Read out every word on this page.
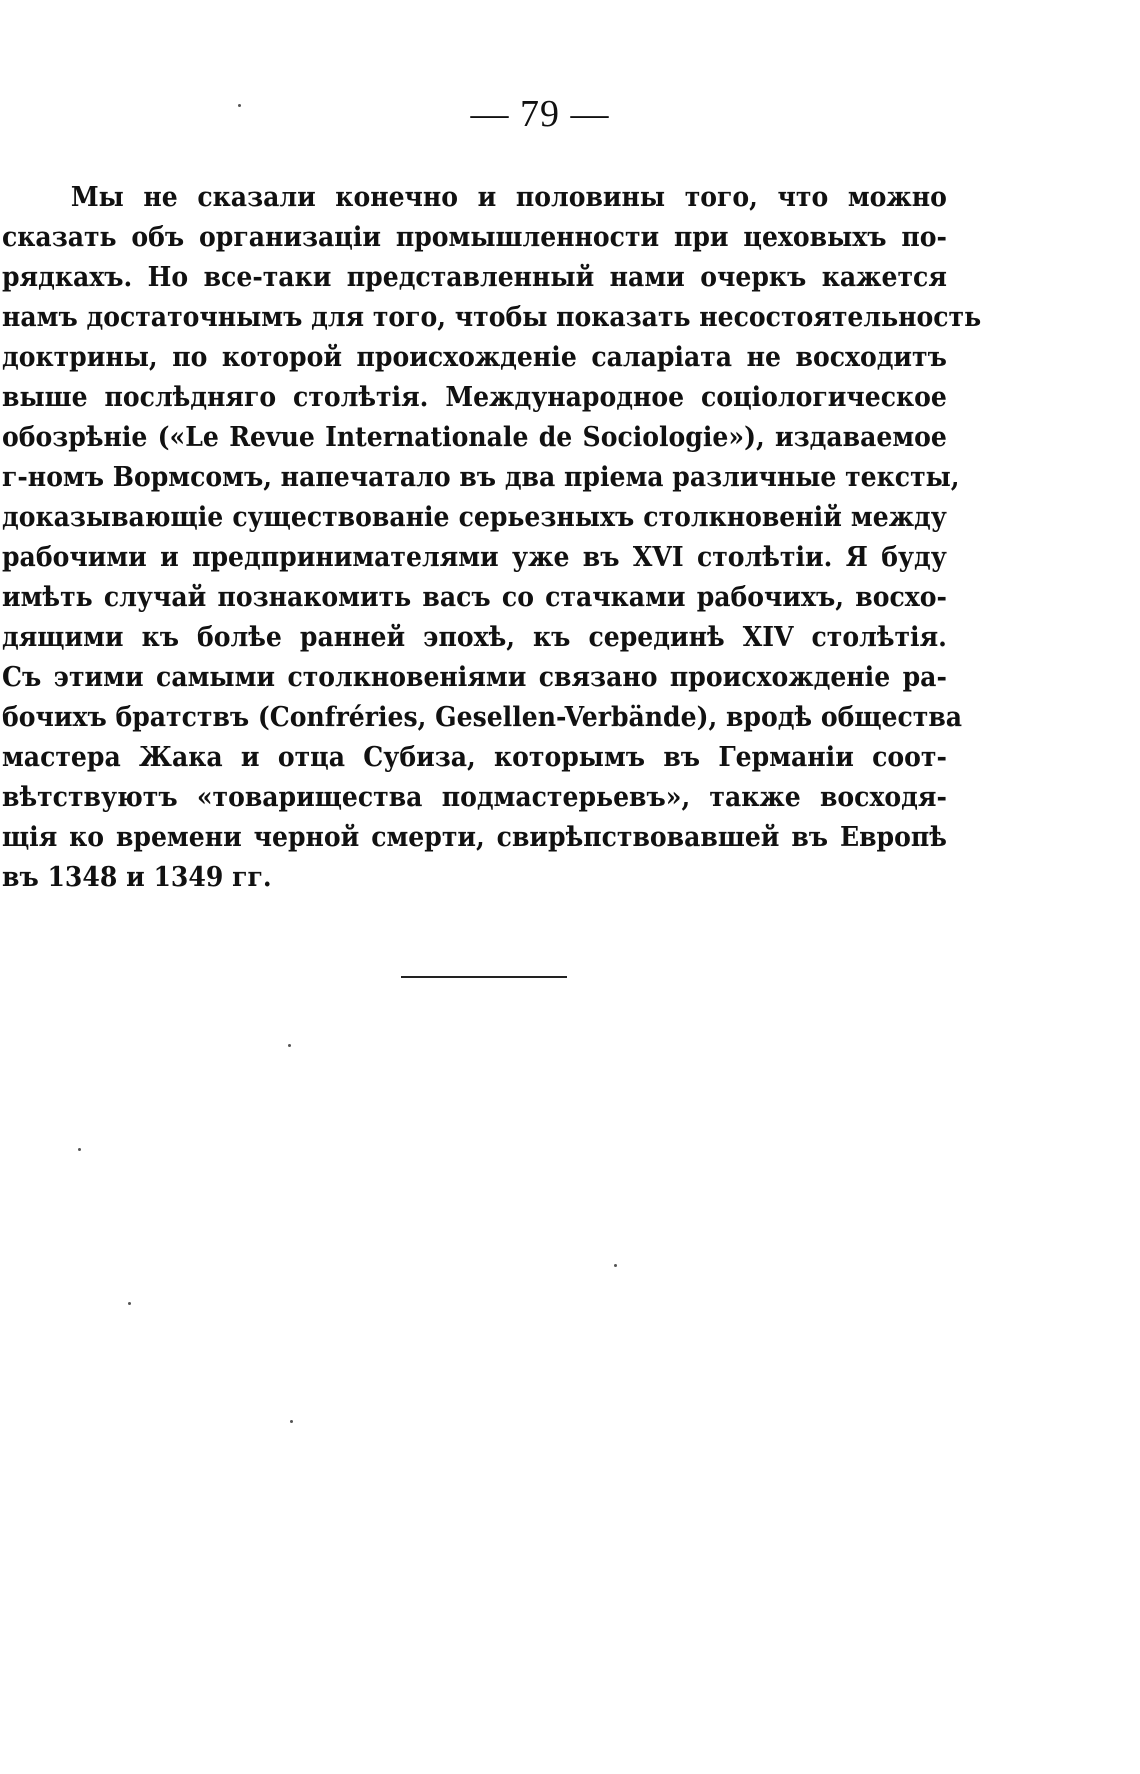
— 79 —
Мы не сказали конечно и половины того, что можно
сказать объ организаціи промышленности при цеховыхъ по-
рядкахъ. Но все-таки представленный нами очеркъ кажется
намъ достаточнымъ для того, чтобы показать несостоятельность
доктрины, по которой происхожденіе саларіата не восходитъ
выше послѣдняго столѣтія. Международное соціологическое
обозрѣніе («Le Revue Internationale de Sociologie»), издаваемое
г-номъ Вормсомъ, напечатало въ два пріема различные тексты,
доказывающіе существованіе серьезныхъ столкновеній между
рабочими и предпринимателями уже въ XVI столѣтіи. Я буду
имѣть случай познакомить васъ со стачками рабочихъ, восхо-
дящими къ болѣе ранней эпохѣ, къ серединѣ XIV столѣтія.
Съ этими самыми столкновеніями связано происхожденіе ра-
бочихъ братствъ (Confréries, Gesellen-Verbände), вродѣ общества
мастера Жака и отца Субиза, которымъ въ Германіи соот-
вѣтствуютъ «товарищества подмастерьевъ», также восходя-
щія ко времени черной смерти, свирѣпствовавшей въ Европѣ
въ 1348 и 1349 гг.
